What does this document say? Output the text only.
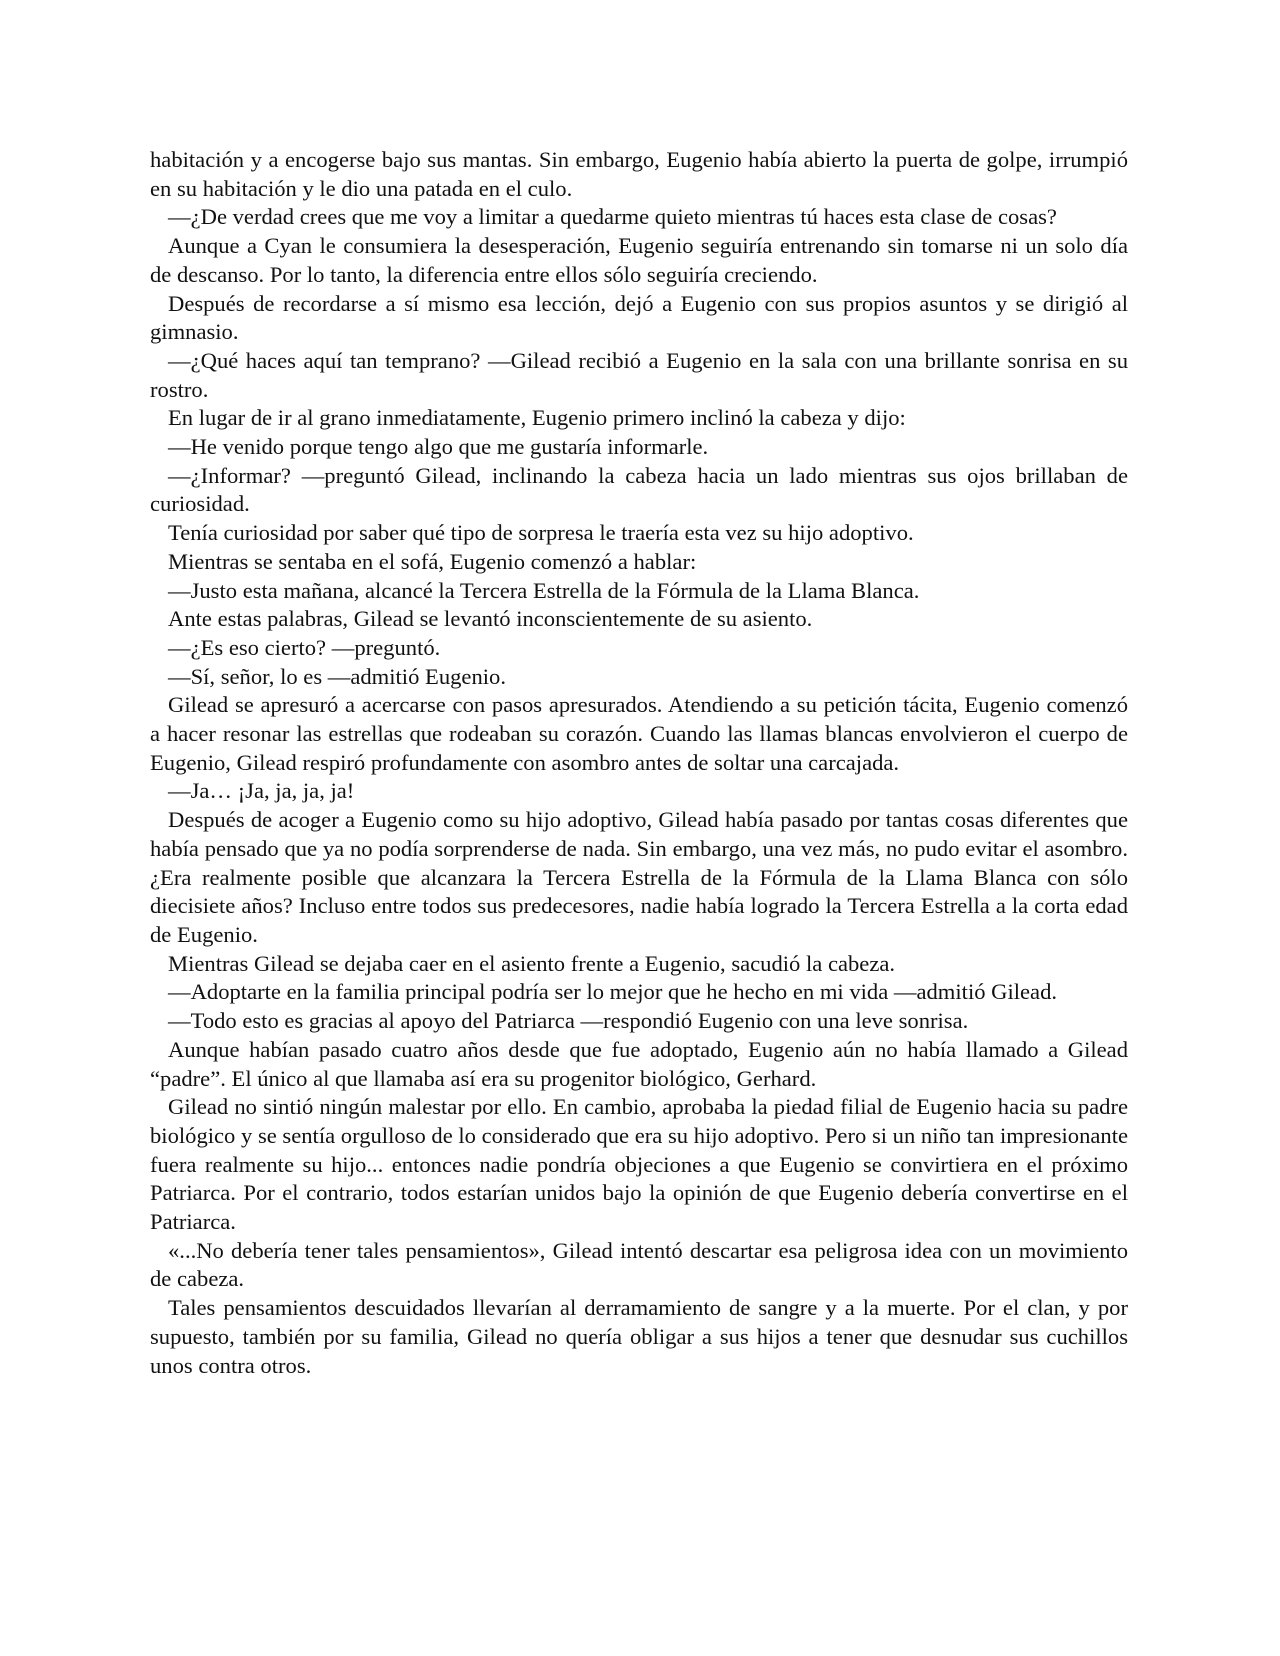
habitación y a encogerse bajo sus mantas. Sin embargo, Eugenio había abierto la puerta de golpe, irrumpió en su habitación y le dio una patada en el culo.

—¿De verdad crees que me voy a limitar a quedarme quieto mientras tú haces esta clase de cosas?

Aunque a Cyan le consumiera la desesperación, Eugenio seguiría entrenando sin tomarse ni un solo día de descanso. Por lo tanto, la diferencia entre ellos sólo seguiría creciendo.

Después de recordarse a sí mismo esa lección, dejó a Eugenio con sus propios asuntos y se dirigió al gimnasio.

—¿Qué haces aquí tan temprano? —Gilead recibió a Eugenio en la sala con una brillante sonrisa en su rostro.

En lugar de ir al grano inmediatamente, Eugenio primero inclinó la cabeza y dijo:

—He venido porque tengo algo que me gustaría informarle.

—¿Informar? —preguntó Gilead, inclinando la cabeza hacia un lado mientras sus ojos brillaban de curiosidad.

Tenía curiosidad por saber qué tipo de sorpresa le traería esta vez su hijo adoptivo.

Mientras se sentaba en el sofá, Eugenio comenzó a hablar:

—Justo esta mañana, alcancé la Tercera Estrella de la Fórmula de la Llama Blanca.

Ante estas palabras, Gilead se levantó inconscientemente de su asiento.

—¿Es eso cierto? —preguntó.

—Sí, señor, lo es —admitió Eugenio.

Gilead se apresuró a acercarse con pasos apresurados. Atendiendo a su petición tácita, Eugenio comenzó a hacer resonar las estrellas que rodeaban su corazón. Cuando las llamas blancas envolvieron el cuerpo de Eugenio, Gilead respiró profundamente con asombro antes de soltar una carcajada.

—Ja… ¡Ja, ja, ja, ja!

Después de acoger a Eugenio como su hijo adoptivo, Gilead había pasado por tantas cosas diferentes que había pensado que ya no podía sorprenderse de nada. Sin embargo, una vez más, no pudo evitar el asombro. ¿Era realmente posible que alcanzara la Tercera Estrella de la Fórmula de la Llama Blanca con sólo diecisiete años? Incluso entre todos sus predecesores, nadie había logrado la Tercera Estrella a la corta edad de Eugenio.

Mientras Gilead se dejaba caer en el asiento frente a Eugenio, sacudió la cabeza.

—Adoptarte en la familia principal podría ser lo mejor que he hecho en mi vida —admitió Gilead.

—Todo esto es gracias al apoyo del Patriarca —respondió Eugenio con una leve sonrisa.

Aunque habían pasado cuatro años desde que fue adoptado, Eugenio aún no había llamado a Gilead “padre”. El único al que llamaba así era su progenitor biológico, Gerhard.

Gilead no sintió ningún malestar por ello. En cambio, aprobaba la piedad filial de Eugenio hacia su padre biológico y se sentía orgulloso de lo considerado que era su hijo adoptivo. Pero si un niño tan impresionante fuera realmente su hijo... entonces nadie pondría objeciones a que Eugenio se convirtiera en el próximo Patriarca. Por el contrario, todos estarían unidos bajo la opinión de que Eugenio debería convertirse en el Patriarca.

«...No debería tener tales pensamientos», Gilead intentó descartar esa peligrosa idea con un movimiento de cabeza.

Tales pensamientos descuidados llevarían al derramamiento de sangre y a la muerte. Por el clan, y por supuesto, también por su familia, Gilead no quería obligar a sus hijos a tener que desnudar sus cuchillos unos contra otros.
